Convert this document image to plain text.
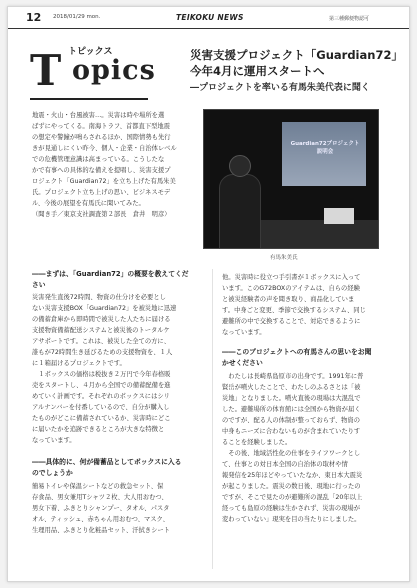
12 2018/01/29 mon.	TEIKOKU NEWS	第三種郵便物認可
T トピックス
opics	災害支援プロジェクト「Guardian72」
今年4月に運用スタートへ
―プロジェクトを率いる有馬朱美代表に聞く
地震・火山・台風被害…。災害は時や場所を選
ばずにやってくる。南海トラフ、首都直下型地震
の想定や警鐘が鳴らされるほか、国際情勢も先行
きが見通しにくい昨今、個人・企業・自治体レベル
での危機管理意識は高まっている。こうしたな
かで有事への具体的な備えを提唱し、災害支援プ
ロジェクト「Guardian72」を立ち上げた有馬朱美
氏。プロジェクト立ち上げの思い、ビジネスモデ
ル、今後の展望を有馬氏に聞いてみた。
（聞き手／東京支社調査第２部長　倉井　明彦）
Guardian72プロジェクト 説明会
有馬朱美氏
――まずは、「Guardian72」の概要を教えてくだ
さい
災害発生直後72時間、物資の仕分けを必要とし
ない災害支援BOX「Guardian72」を被災地に迅速
の備蓄倉庫から即時間で被災した人たちに届ける
支援物資備蓄配送システムと被災後のトータルケ
アサポートです。これは、被災した全ての方に、
誰もが72時間生き延びるための支援物資を、１人
に１箱届けるプロジェクトです。
　１ボックスの価格は税抜き２万円で今年春格販
売をスタートし、４月から全国での備蓄配備を進
めていく計画です。それぞれのボックスにはシリ
アルナンバーを付番しているので、自分が購入し
たものがどこに備蓄されているか、災害時にどこ
に届いたかを追跡できるところが大きな特徴と
なっています。
――具体的に、何が備蓄品としてボックスに入る
のでしょうか
簡易トイレや保温シートなどの救急セット、保
存食品、男女兼用Tシャツ２枚、大人用おむつ、
男女下着、ふきとりシャンプー、タオル、パスタ
オル、ティッシュ、赤ちゃん用おむつ、マスク、
生理用品、ふきとり化粧品セット、汗拭きシート
他。災害時に役立つ手引書が１ボックスに入って
います。このG72BOXのアイテムは、自らの経験
と被災経験者の声を聞き取り、商品化していま
す。中身ごと変更、季節で交換するシステム、同じ
避難所の中で交換することで、対応できるように
なっています。
――このプロジェクトへの有馬さんの思いをお聞
かせください
　わたしは長崎県島原市の出身です。1991年に普
賢岳が噴火したことで、わたしのふるさとは「被
災地」となりました。噴火直後の現場は大混乱で
した。避難場所の体育館には全国から物資が届く
のですが、配る人の体制が整っておらず、物資の
中身もニーズに合わないものが含まれていたりす
ることを経験しました。
　その後、地域活性化の仕事をライフワークとし
て、仕事との対日本全国の自治体の取材や情
報発信を25年ほどやっていたなか、東日本大震災
が起こりました。震災の数日後、現地に行ったの
ですが、そこで見たのが避難所の混乱「20年以上
経っても島原の経験は生かされず、災害の現場が
変わっていない」現実を目の当たりにしました。
